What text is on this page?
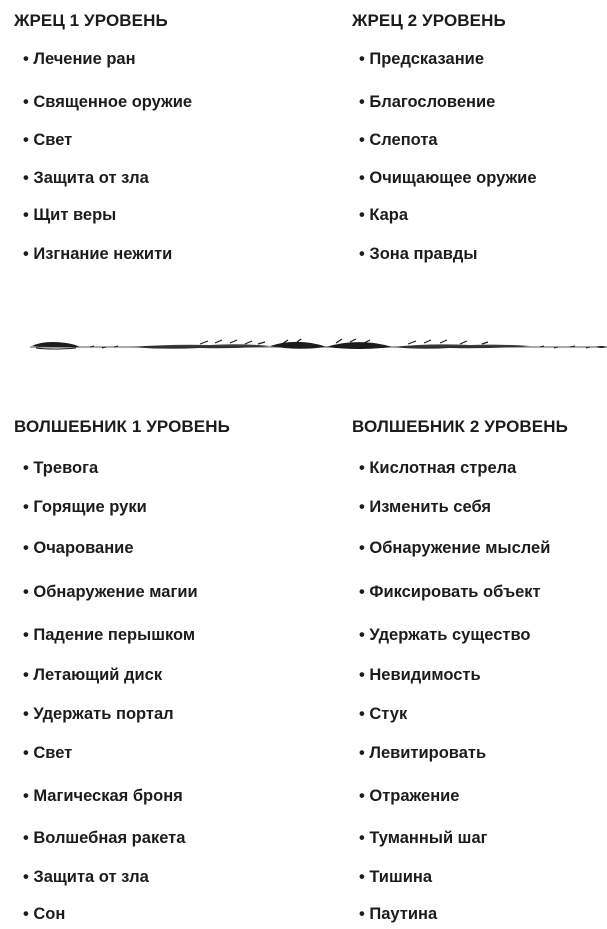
ЖРЕЦ 1 УРОВЕНЬ	ЖРЕЦ 2 УРОВЕНЬ
• Лечение ран
• Священное оружие
• Свет
• Защита от зла
• Щит веры
• Изгнание нежити
• Предсказание
• Благословение
• Слепота
• Очищающее оружие
• Кара
• Зона правды
ВОЛШЕБНИК 1 УРОВЕНЬ	ВОЛШЕБНИК 2 УРОВЕНЬ
• Тревога
• Горящие руки
• Очарование
• Обнаружение магии
• Падение перышком
• Летающий диск
• Удержать портал
• Свет
• Магическая броня
• Волшебная ракета
• Защита от зла
• Сон
• Кислотная стрела
• Изменить себя
• Обнаружение мыслей
• Фиксировать объект
• Удержать существо
• Невидимость
• Стук
• Левитировать
• Отражение
• Туманный шаг
• Тишина
• Паутина
